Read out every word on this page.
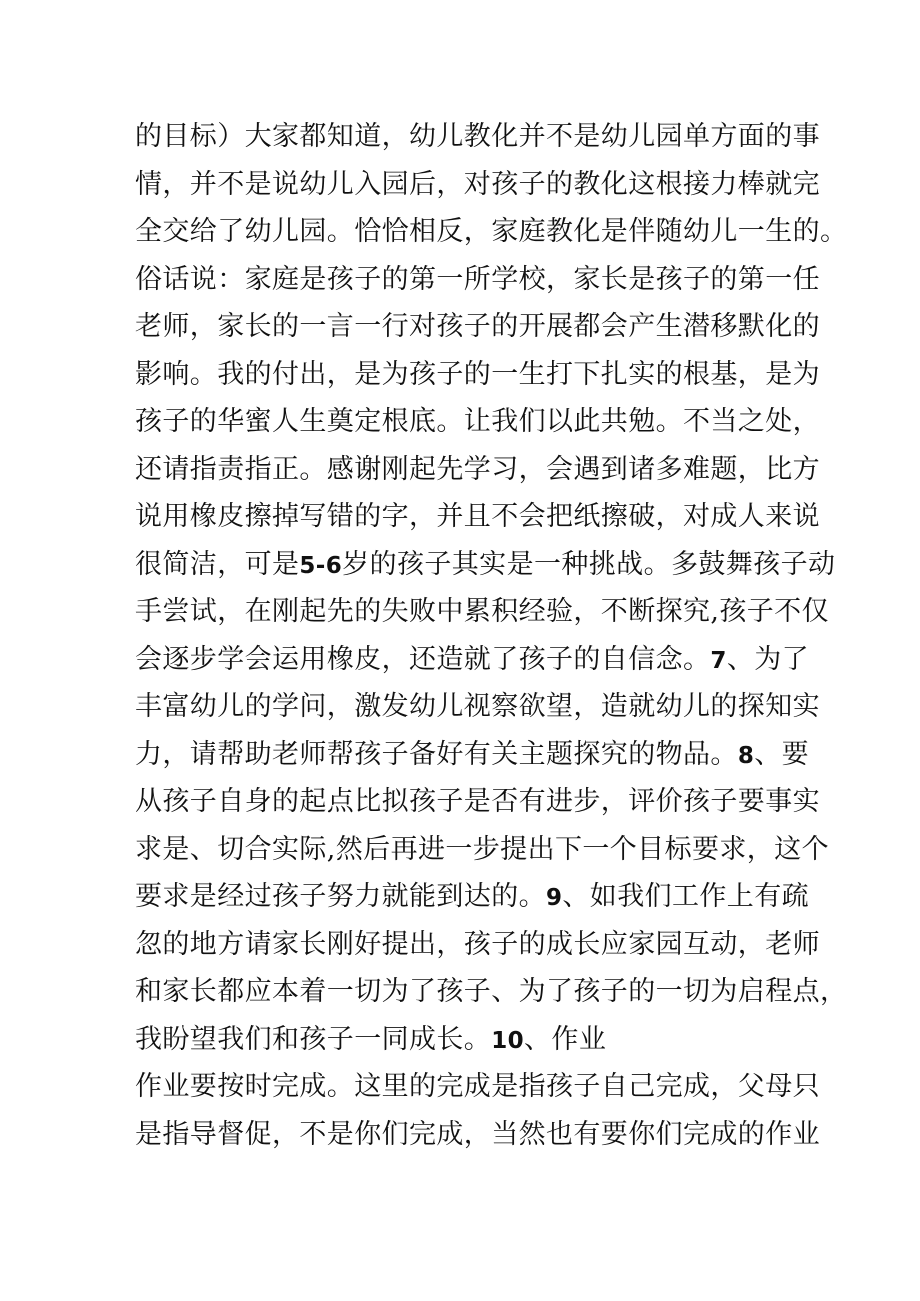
的目标）大家都知道，幼儿教化并不是幼儿园单方面的事
情，并不是说幼儿入园后，对孩子的教化这根接力棒就完
全交给了幼儿园。恰恰相反，家庭教化是伴随幼儿一生的。
俗话说：家庭是孩子的第一所学校，家长是孩子的第一任
老师，家长的一言一行对孩子的开展都会产生潜移默化的
影响。我的付出，是为孩子的一生打下扎实的根基，是为
孩子的华蜜人生奠定根底。让我们以此共勉。不当之处，
还请指责指正。感谢刚起先学习，会遇到诸多难题，比方
说用橡皮擦掉写错的字，并且不会把纸擦破，对成人来说
很简洁，可是5-6岁的孩子其实是一种挑战。多鼓舞孩子动
手尝试，在刚起先的失败中累积经验，不断探究,孩子不仅
会逐步学会运用橡皮，还造就了孩子的自信念。7、为了
丰富幼儿的学问，激发幼儿视察欲望，造就幼儿的探知实
力，请帮助老师帮孩子备好有关主题探究的物品。8、要
从孩子自身的起点比拟孩子是否有进步，评价孩子要事实
求是、切合实际,然后再进一步提出下一个目标要求，这个
要求是经过孩子努力就能到达的。9、如我们工作上有疏
忽的地方请家长刚好提出，孩子的成长应家园互动，老师
和家长都应本着一切为了孩子、为了孩子的一切为启程点，
我盼望我们和孩子一同成长。10、作业
作业要按时完成。这里的完成是指孩子自己完成，父母只
是指导督促，不是你们完成，当然也有要你们完成的作业
